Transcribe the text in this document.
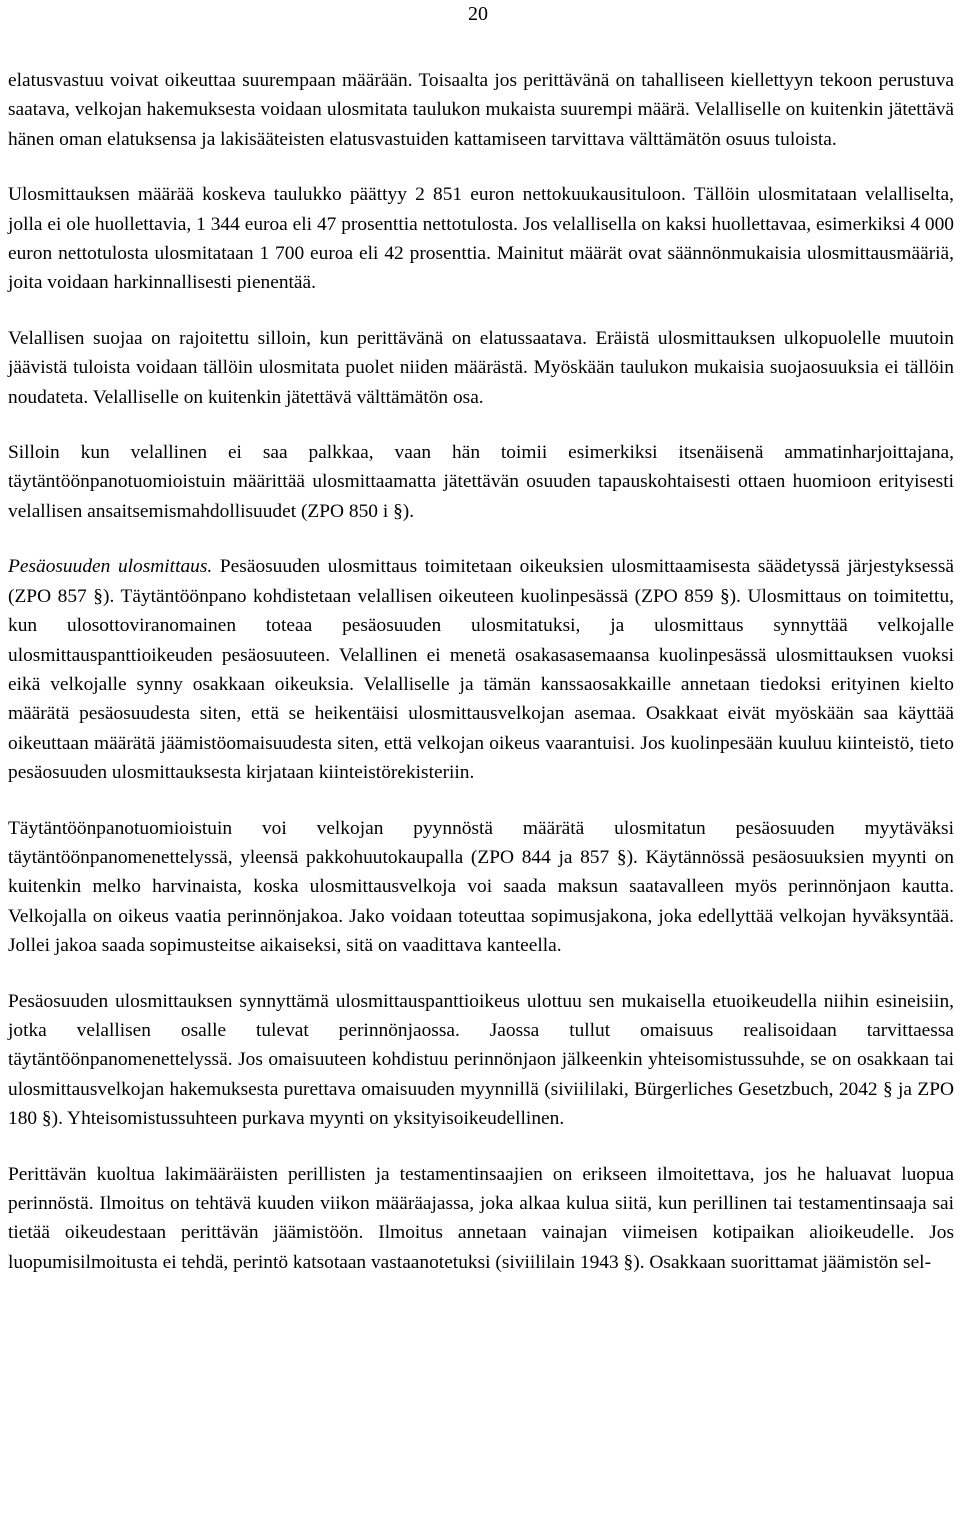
20

elatusvastuu voivat oikeuttaa suurempaan määrään. Toisaalta jos perittävänä on tahalliseen kiellettyyn tekoon perustuva saatava, velkojan hakemuksesta voidaan ulosmitata taulukon mukaista suurempi määrä. Velalliselle on kuitenkin jätettävä hänen oman elatuksensa ja lakisääteisten elatusvastuiden kattamiseen tarvittava välttämätön osuus tuloista.

Ulosmittauksen määrää koskeva taulukko päättyy 2 851 euron nettokuukausituloon. Tällöin ulosmitataan velalliselta, jolla ei ole huollettavia, 1 344 euroa eli 47 prosenttia nettotulosta. Jos velallisella on kaksi huollettavaa, esimerkiksi 4 000 euron nettotulosta ulosmitataan 1 700 euroa eli 42 prosenttia. Mainitut määrät ovat säännönmukaisia ulosmittausmääriä, joita voidaan harkinnallisesti pienentää.

Velallisen suojaa on rajoitettu silloin, kun perittävänä on elatussaatava. Eräistä ulosmittauksen ulkopuolelle muutoin jäävistä tuloista voidaan tällöin ulosmitata puolet niiden määrästä. Myöskään taulukon mukaisia suojaosuuksia ei tällöin noudateta. Velalliselle on kuitenkin jätettävä välttämätön osa.

Silloin kun velallinen ei saa palkkaa, vaan hän toimii esimerkiksi itsenäisenä ammatinharjoittajana, täytäntöönpanotuomioistuin määrittää ulosmittaamatta jätettävän osuuden tapauskohtaisesti ottaen huomioon erityisesti velallisen ansaitsemismahdollisuudet (ZPO 850 i §).

Pesäosuuden ulosmittaus. Pesäosuuden ulosmittaus toimitetaan oikeuksien ulosmittaamisesta säädetyssä järjestyksessä (ZPO 857 §). Täytäntöönpano kohdistetaan velallisen oikeuteen kuolinpesässä (ZPO 859 §). Ulosmittaus on toimitettu, kun ulosottoviranomainen toteaa pesäosuuden ulosmitatuksi, ja ulosmittaus synnyttää velkojalle ulosmittauspanttioikeuden pesäosuuteen. Velallinen ei menetä osakasasemaansa kuolinpesässä ulosmittauksen vuoksi eikä velkojalle synny osakkaan oikeuksia. Velalliselle ja tämän kanssaosakkaille annetaan tiedoksi erityinen kielto määrätä pesäosuudesta siten, että se heikentäisi ulosmittausvelkojan asemaa. Osakkaat eivät myöskään saa käyttää oikeuttaan määrätä jäämistöomaisuudesta siten, että velkojan oikeus vaarantuisi. Jos kuolinpesään kuuluu kiinteistö, tieto pesäosuuden ulosmittauksesta kirjataan kiinteistörekisteriin.

Täytäntöönpanotuomioistuin voi velkojan pyynnöstä määrätä ulosmitatun pesäosuuden myytäväksi täytäntöönpanomenettelyssä, yleensä pakkohuutokaupalla (ZPO 844 ja 857 §). Käytännössä pesäosuuksien myynti on kuitenkin melko harvinaista, koska ulosmittausvelkoja voi saada maksun saatavalleen myös perinnönjaon kautta. Velkojalla on oikeus vaatia perinnönjakoa. Jako voidaan toteuttaa sopimusjakona, joka edellyttää velkojan hyväksyntää. Jollei jakoa saada sopimusteitse aikaiseksi, sitä on vaadittava kanteella.

Pesäosuuden ulosmittauksen synnyttämä ulosmittauspanttioikeus ulottuu sen mukaisella etuoikeudella niihin esineisiin, jotka velallisen osalle tulevat perinnönjaossa. Jaossa tullut omaisuus realisoidaan tarvittaessa täytäntöönpanomenettelyssä. Jos omaisuuteen kohdistuu perinnönjaon jälkeenkin yhteisomistussuhde, se on osakkaan tai ulosmittausvelkojan hakemuksesta purettava omaisuuden myynnillä (siviililaki, Bürgerliches Gesetzbuch, 2042 § ja ZPO 180 §). Yhteisomistussuhteen purkava myynti on yksityisoikeudellinen.

Perittävän kuoltua lakimääräisten perillisten ja testamentinsaajien on erikseen ilmoitettava, jos he haluavat luopua perinnöstä. Ilmoitus on tehtävä kuuden viikon määräajassa, joka alkaa kulua siitä, kun perillinen tai testamentinsaaja sai tietää oikeudestaan perittävän jäämistöön. Ilmoitus annetaan vainajan viimeisen kotipaikan alioikeudelle. Jos luopumisilmoitusta ei tehdä, perintö katsotaan vastaanotetuksi (siviililain 1943 §). Osakkaan suorittamat jäämistön sel-
